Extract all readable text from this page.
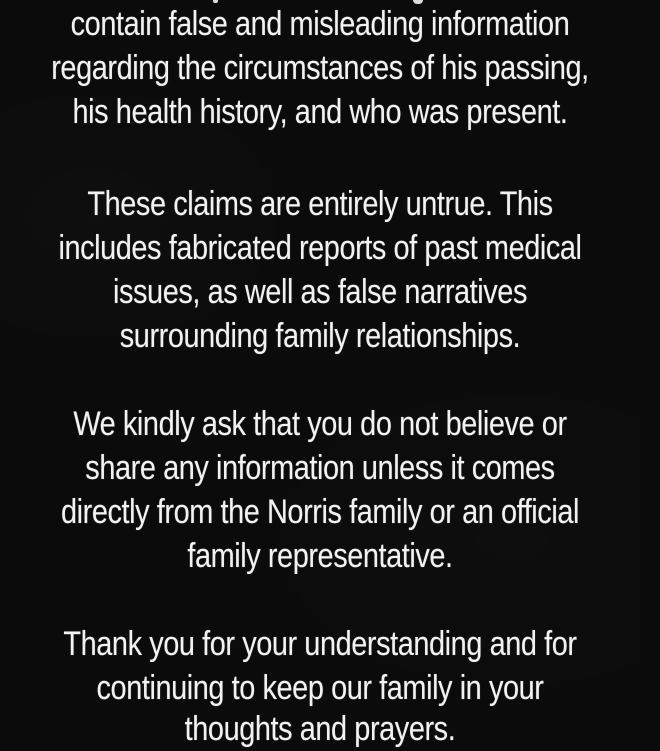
contain false and misleading information
regarding the circumstances of his passing,
his health history, and who was present.
These claims are entirely untrue. This
includes fabricated reports of past medical
issues, as well as false narratives
surrounding family relationships.
We kindly ask that you do not believe or
share any information unless it comes
directly from the Norris family or an official
family representative.
Thank you for your understanding and for
continuing to keep our family in your
thoughts and prayers.
